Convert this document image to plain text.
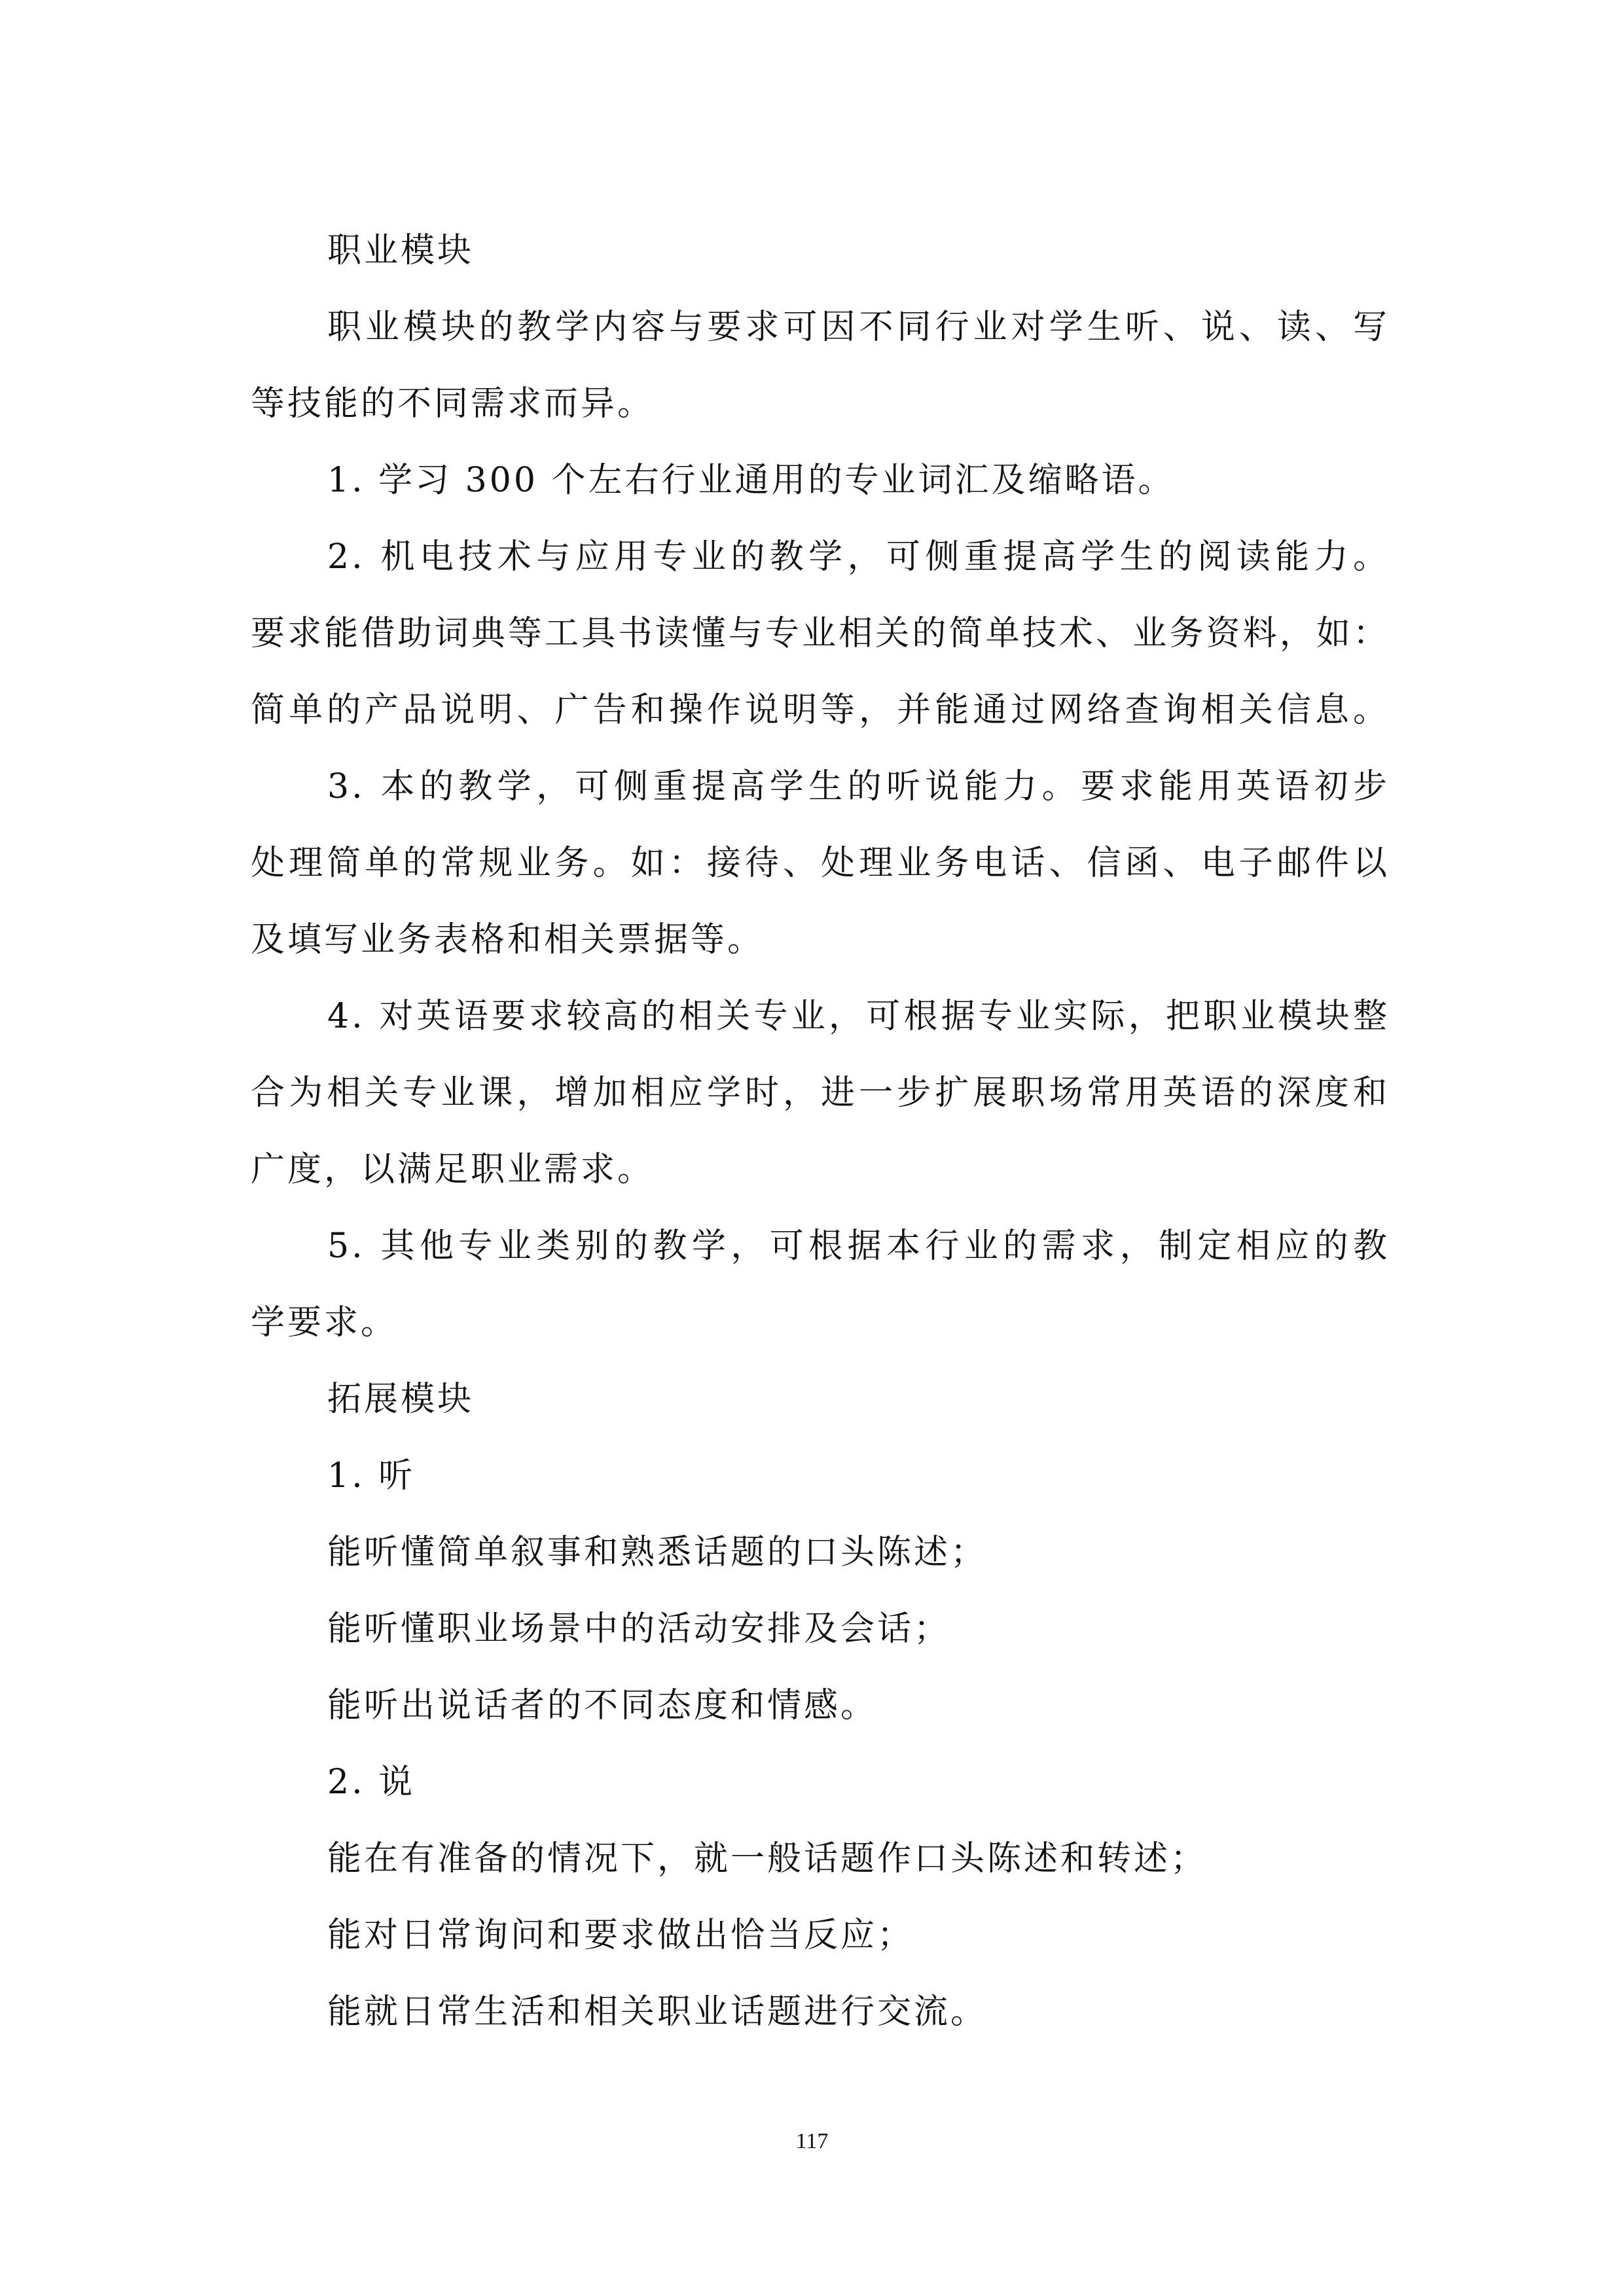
职业模块
职业模块的教学内容与要求可因不同行业对学生听、说、读、写
等技能的不同需求而异。
1. 学习 300 个左右行业通用的专业词汇及缩略语。
2. 机电技术与应用专业的教学，可侧重提高学生的阅读能力。
要求能借助词典等工具书读懂与专业相关的简单技术、业务资料，如：
简单的产品说明、广告和操作说明等，并能通过网络查询相关信息。
3. 本的教学，可侧重提高学生的听说能力。要求能用英语初步
处理简单的常规业务。如：接待、处理业务电话、信函、电子邮件以
及填写业务表格和相关票据等。
4. 对英语要求较高的相关专业，可根据专业实际，把职业模块整
合为相关专业课，增加相应学时，进一步扩展职场常用英语的深度和
广度，以满足职业需求。
5. 其他专业类别的教学，可根据本行业的需求，制定相应的教
学要求。
拓展模块
1. 听
能听懂简单叙事和熟悉话题的口头陈述；
能听懂职业场景中的活动安排及会话；
能听出说话者的不同态度和情感。
2. 说
能在有准备的情况下，就一般话题作口头陈述和转述；
能对日常询问和要求做出恰当反应；
能就日常生活和相关职业话题进行交流。
117
